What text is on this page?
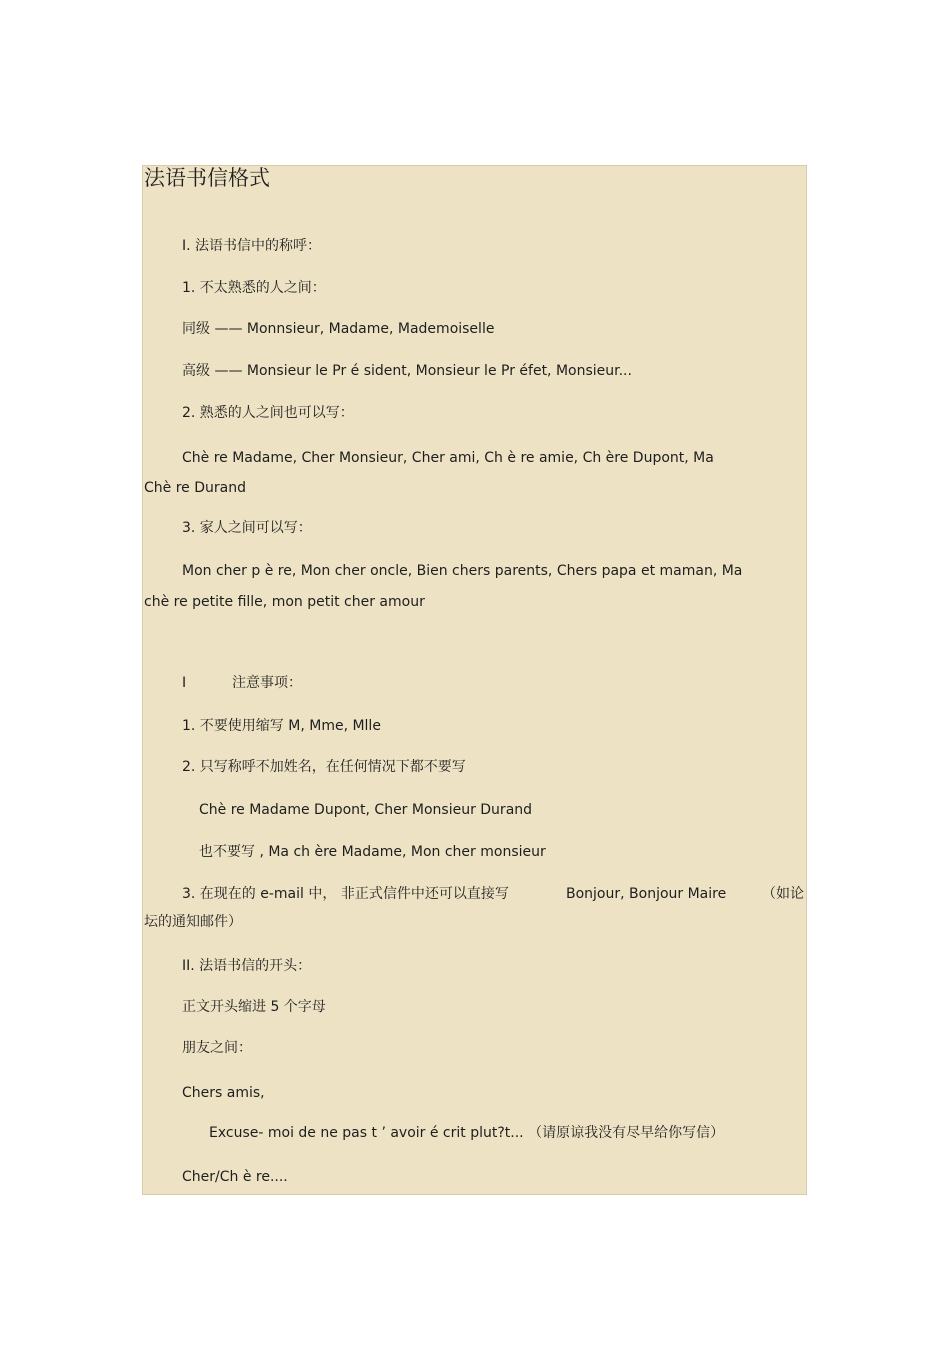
法语书信格式
I. 法语书信中的称呼：
1. 不太熟悉的人之间：
同级 —— Monnsieur, Madame, Mademoiselle
高级 —— Monsieur le Pr é sident, Monsieur le Pr éfet, Monsieur...
2. 熟悉的人之间也可以写：
Chè re Madame, Cher Monsieur, Cher ami, Ch è re amie, Ch ère Dupont, Ma
Chè re Durand
3. 家人之间可以写：
Mon cher p è re, Mon cher oncle, Bien chers parents, Chers papa et maman, Ma
chè re petite fille, mon petit cher amour
I	注意事项：
1. 不要使用缩写 M, Mme, Mlle
2. 只写称呼不加姓名，在任何情况下都不要写
Chè re Madame Dupont, Cher Monsieur Durand
也不要写 , Ma ch ère Madame, Mon cher monsieur
3. 在现在的 e-mail 中， 非正式信件中还可以直接写	Bonjour, Bonjour Maire	（如论
坛的通知邮件）
II. 法语书信的开头：
正文开头缩进 5 个字母
朋友之间：
Chers amis,
Excuse- moi de ne pas t ’ avoir é crit plut?t... （请原谅我没有尽早给你写信）
Cher/Ch è re....
